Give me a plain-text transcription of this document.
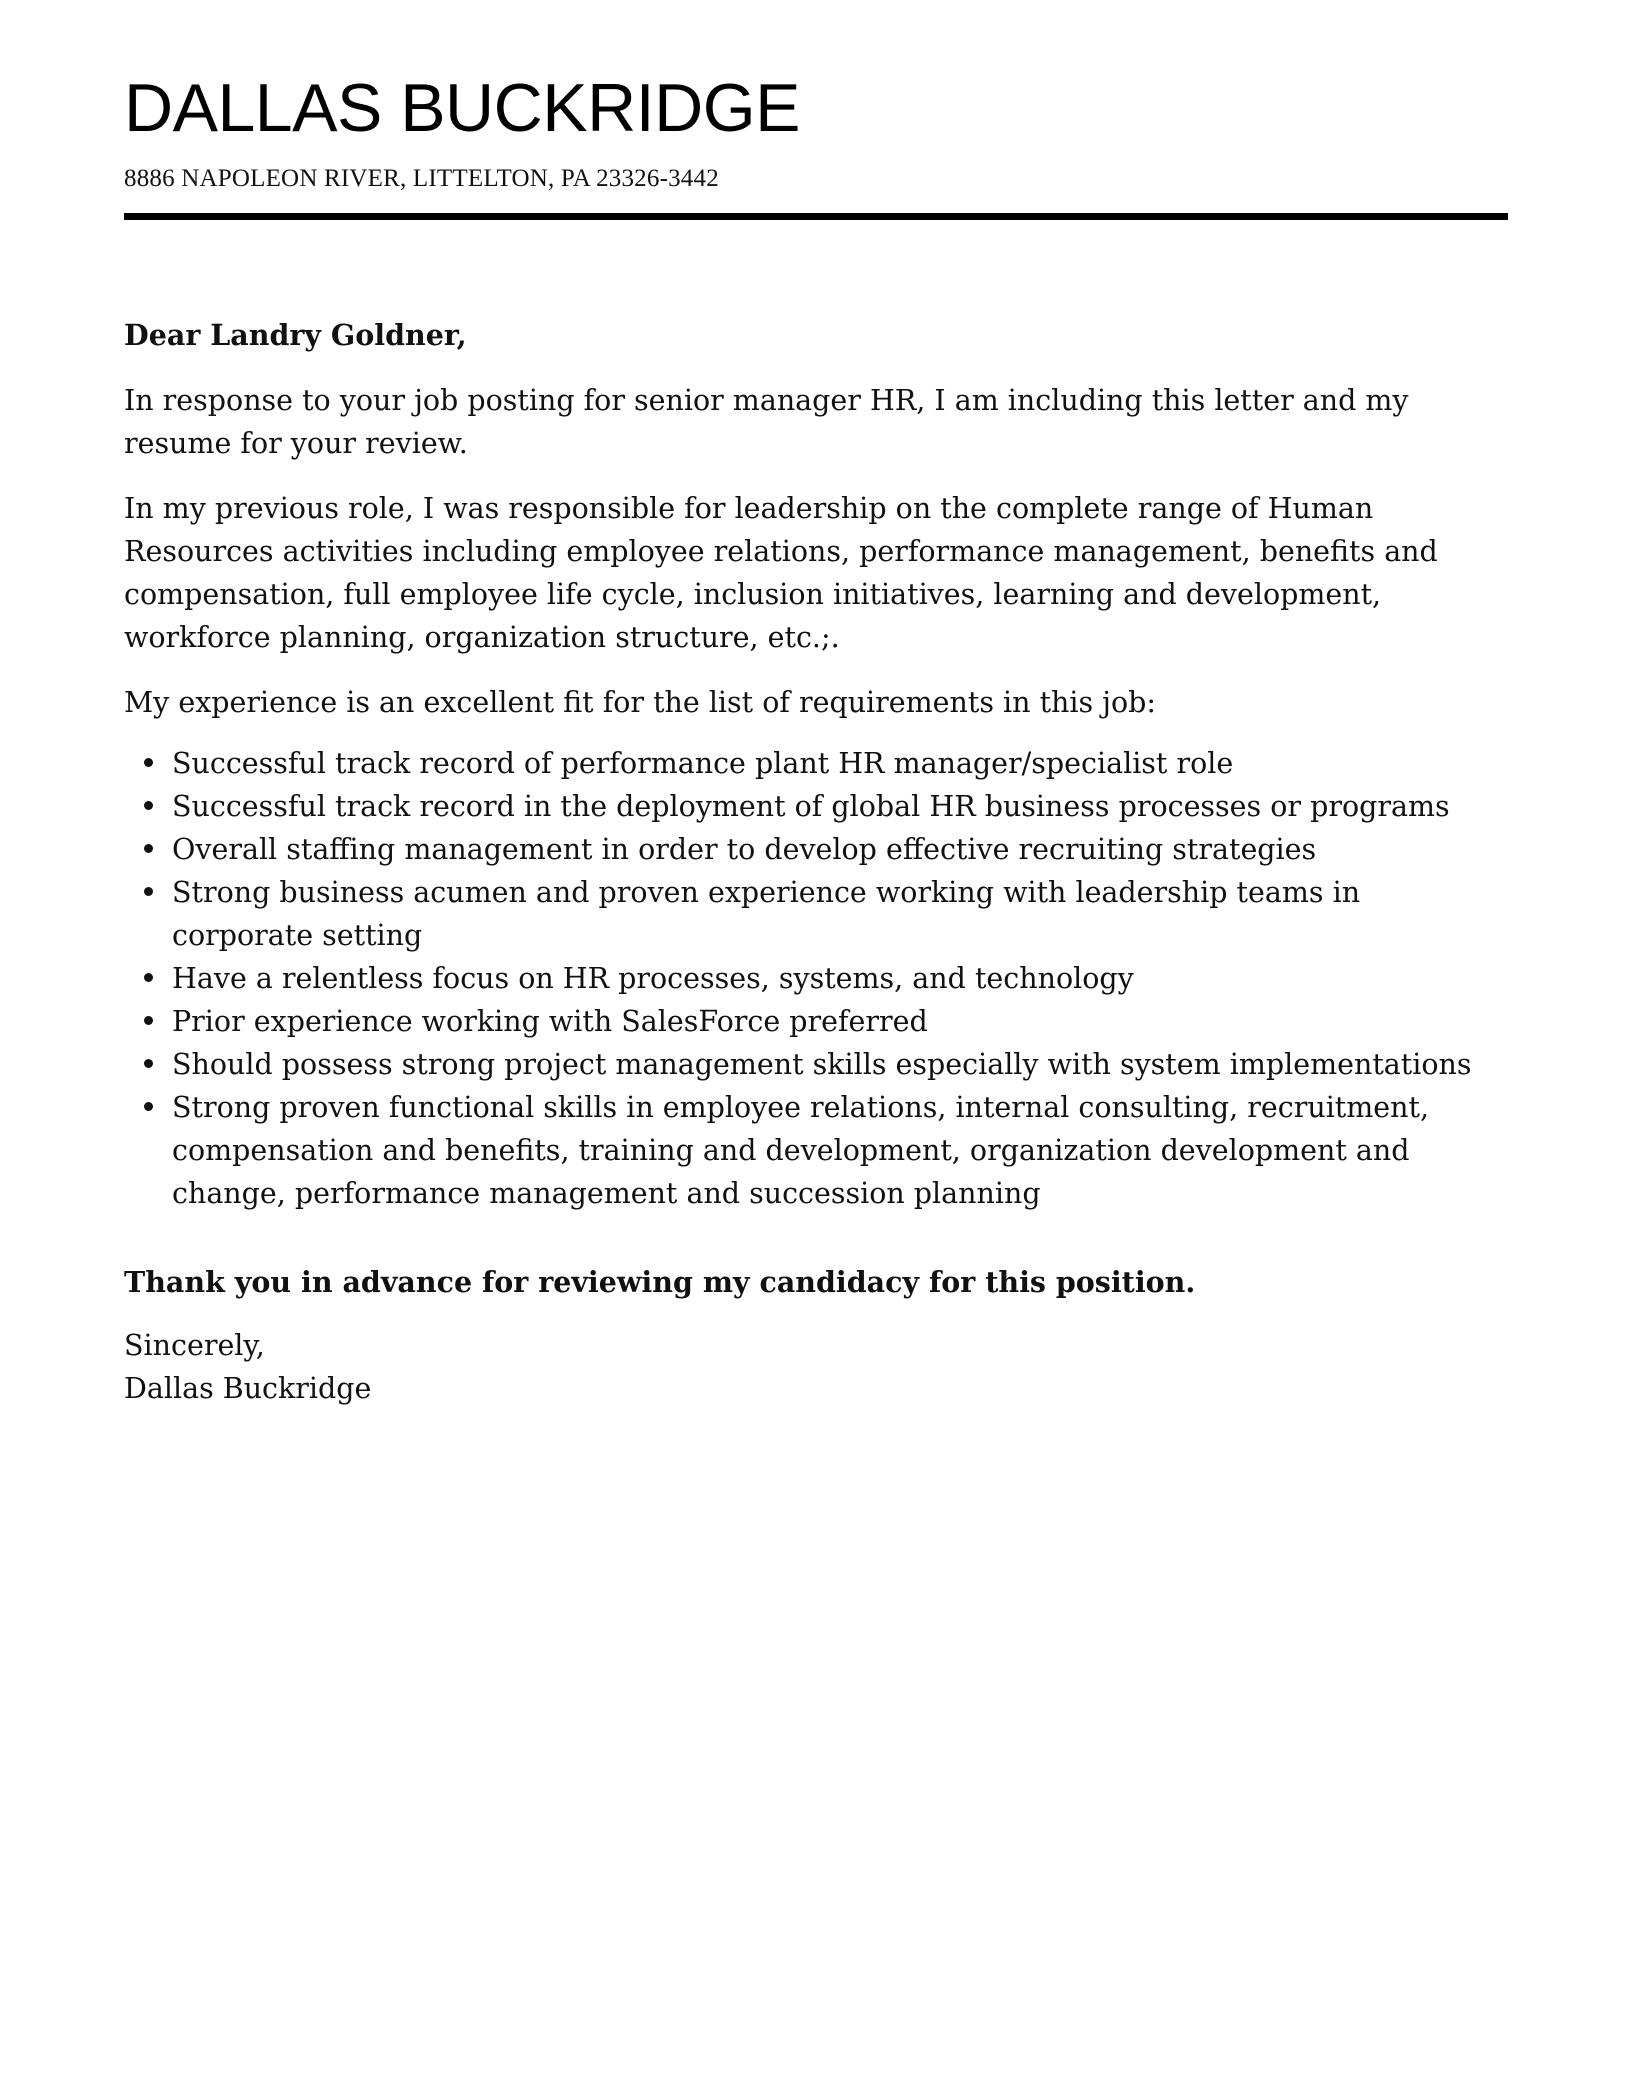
DALLAS BUCKRIDGE
8886 NAPOLEON RIVER, LITTELTON, PA 23326-3442
Dear Landry Goldner,
In response to your job posting for senior manager HR, I am including this letter and my resume for your review.
In my previous role, I was responsible for leadership on the complete range of Human Resources activities including employee relations, performance management, benefits and compensation, full employee life cycle, inclusion initiatives, learning and development, workforce planning, organization structure, etc.;.
My experience is an excellent fit for the list of requirements in this job:
Successful track record of performance plant HR manager/specialist role
Successful track record in the deployment of global HR business processes or programs
Overall staffing management in order to develop effective recruiting strategies
Strong business acumen and proven experience working with leadership teams in corporate setting
Have a relentless focus on HR processes, systems, and technology
Prior experience working with SalesForce preferred
Should possess strong project management skills especially with system implementations
Strong proven functional skills in employee relations, internal consulting, recruitment, compensation and benefits, training and development, organization development and change, performance management and succession planning
Thank you in advance for reviewing my candidacy for this position.
Sincerely,
Dallas Buckridge
